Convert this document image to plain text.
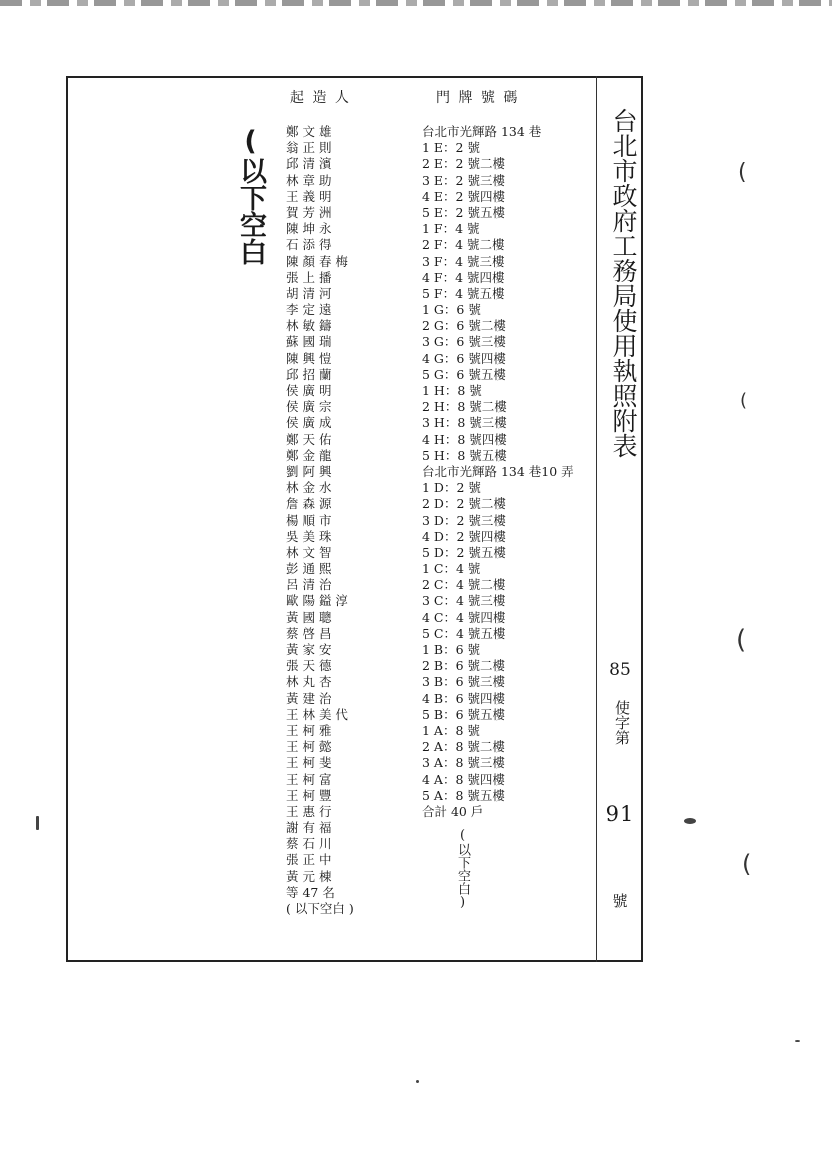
起 造 人	門 牌 號 碼
(以下空白 鄭 文 雄
翁 正 則
邱 清 濱
林 章 助
王 義 明
賀 芳 洲
陳 坤 永
石 添 得
陳 顏 春 梅
張 上 播
胡 清 河
李 定 遠
林 敏 鑄
蘇 國 瑞
陳 興 愷
邱 招 蘭
侯 廣 明
侯 廣 宗
侯 廣 成
鄭 天 佑
鄭 金 龍
劉 阿 興
林 金 水
詹 森 源
楊 順 市
吳 美 珠
林 文 智
彭 通 熙
呂 清 治
歐 陽 鎰 淳
黃 國 聰
蔡 啓 昌
黃 家 安
張 天 德
林 丸 杏
黃 建 治
王 林 美 代
王 柯 雅
王 柯 懿
王 柯 斐
王 柯 富
王 柯 豐
王 惠 行
謝 有 福
蔡 石 川
張 正 中
黃 元 棟
等 47 名
( 以下空白 )
台北市光輝路 134 巷
1 E：2 號
2 E：2 號二樓
3 E：2 號三樓
4 E：2 號四樓
5 E：2 號五樓
1 F：4 號
2 F：4 號二樓
3 F：4 號三樓
4 F：4 號四樓
5 F：4 號五樓
1 G：6 號
2 G：6 號二樓
3 G：6 號三樓
4 G：6 號四樓
5 G：6 號五樓
1 H：8 號
2 H：8 號二樓
3 H：8 號三樓
4 H：8 號四樓
5 H：8 號五樓
台北市光輝路 134 巷10 弄
1 D：2 號
2 D：2 號二樓
3 D：2 號三樓
4 D：2 號四樓
5 D：2 號五樓
1 C：4 號
2 C：4 號二樓
3 C：4 號三樓
4 C：4 號四樓
5 C：4 號五樓
1 B：6 號
2 B：6 號二樓
3 B：6 號三樓
4 B：6 號四樓
5 B：6 號五樓
1 A：8 號
2 A：8 號二樓
3 A：8 號三樓
4 A：8 號四樓
5 A：8 號五樓
合計 40 戶
(以下空白)
台北市政府工務局使用執照附表
85
使字第
91
號
(
(
(
(
